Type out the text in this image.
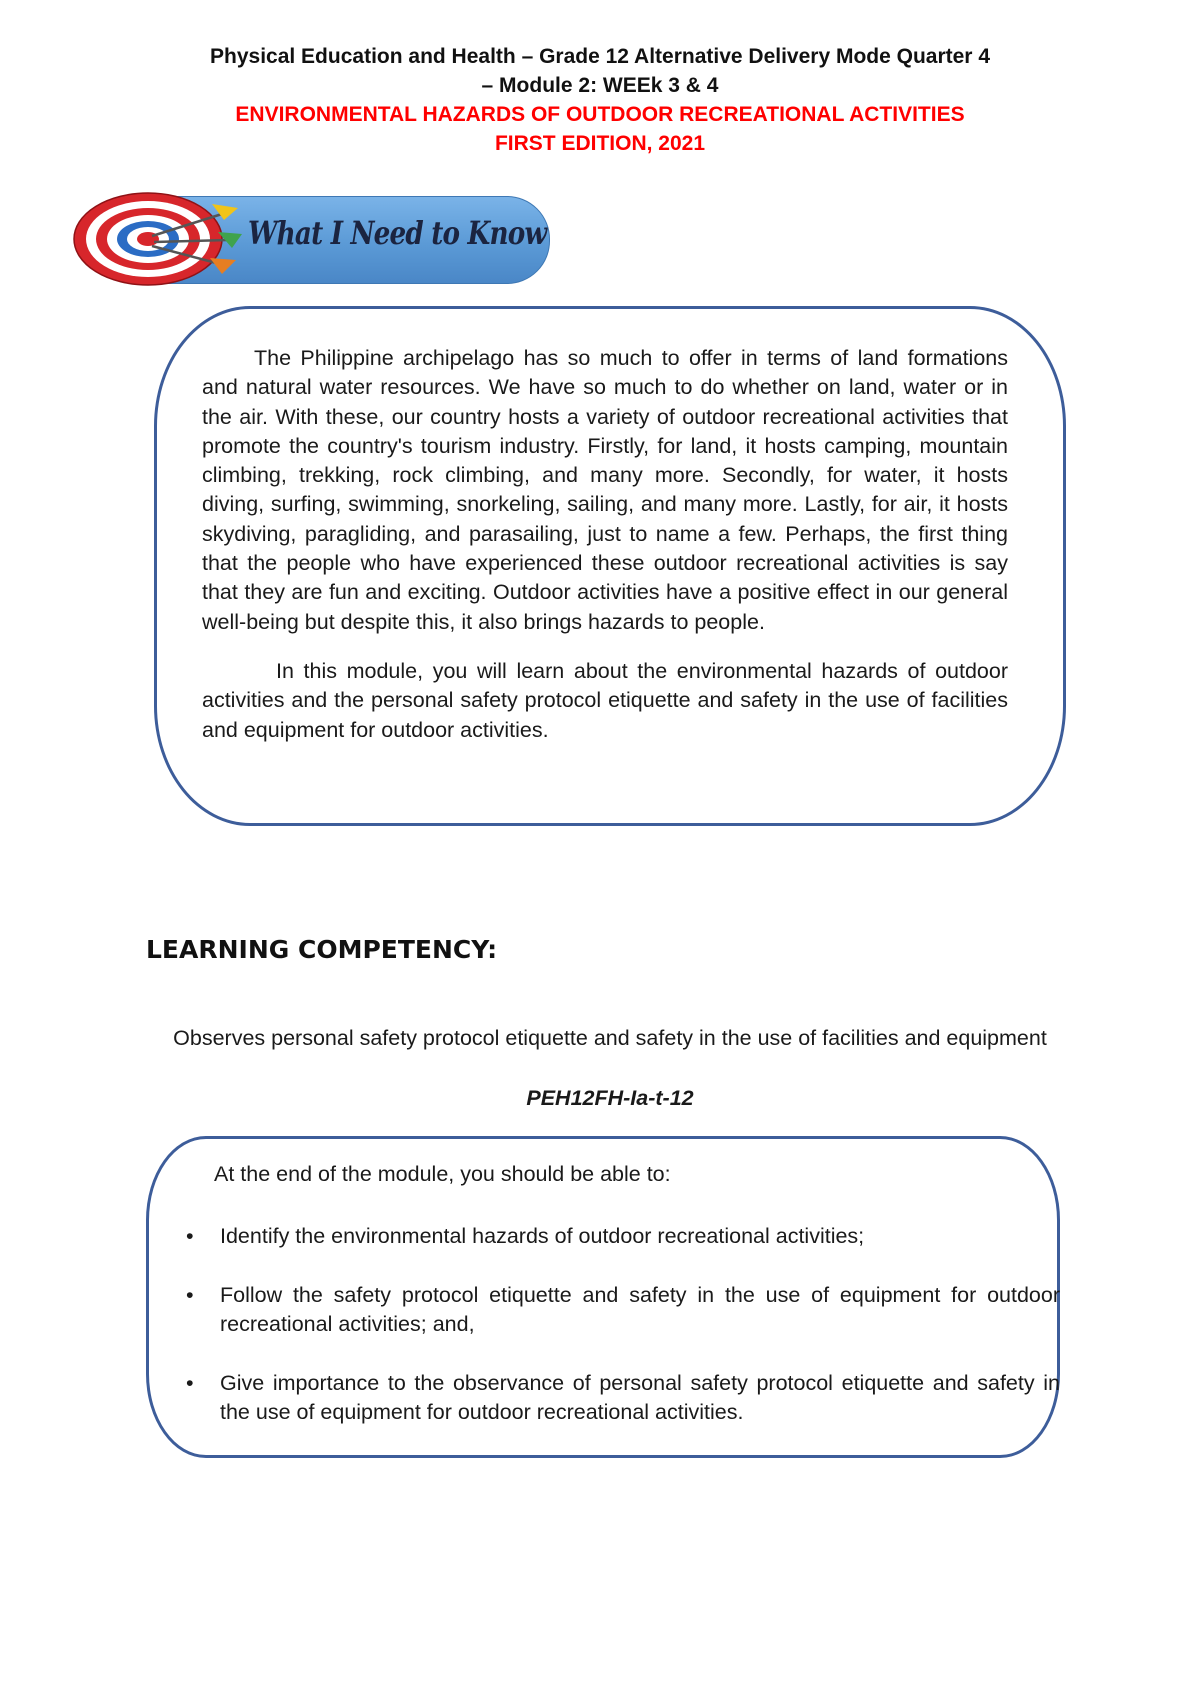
Physical Education and Health – Grade 12 Alternative Delivery Mode Quarter 4
– Module 2: WEEk 3 & 4
ENVIRONMENTAL HAZARDS OF OUTDOOR RECREATIONAL ACTIVITIES
FIRST EDITION, 2021
What I Need to Know

The Philippine archipelago has so much to offer in terms of land formations and natural water resources. We have so much to do whether on land, water or in the air. With these, our country hosts a variety of outdoor recreational activities that promote the country's tourism industry. Firstly, for land, it hosts camping, mountain climbing, trekking, rock climbing, and many more. Secondly, for water, it hosts diving, surfing, swimming, snorkeling, sailing, and many more. Lastly, for air, it hosts skydiving, paragliding, and parasailing, just to name a few. Perhaps, the first thing that the people who have experienced these outdoor recreational activities is say that they are fun and exciting. Outdoor activities have a positive effect in our general well-being but despite this, it also brings hazards to people.

In this module, you will learn about the environmental hazards of outdoor activities and the personal safety protocol etiquette and safety in the use of facilities and equipment for outdoor activities.

LEARNING COMPETENCY:
Observes personal safety protocol etiquette and safety in the use of facilities and equipment
PEH12FH-Ia-t-12
At the end of the module, you should be able to:
• Identify the environmental hazards of outdoor recreational activities;
• Follow the safety protocol etiquette and safety in the use of equipment for outdoor recreational activities; and,
• Give importance to the observance of personal safety protocol etiquette and safety in the use of equipment for outdoor recreational activities.
